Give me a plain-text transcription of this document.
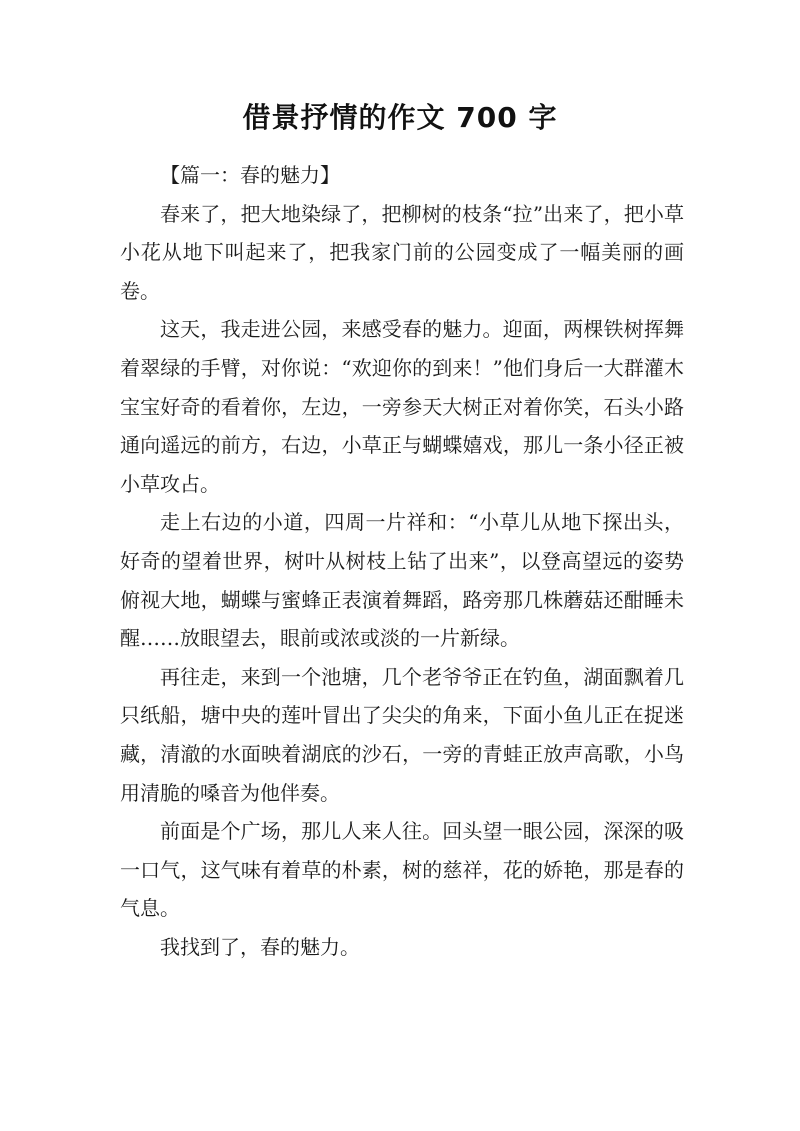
借景抒情的作文 700 字

【篇一：春的魅力】

春来了，把大地染绿了，把柳树的枝条“拉”出来了，把小草小花从地下叫起来了，把我家门前的公园变成了一幅美丽的画卷。

这天，我走进公园，来感受春的魅力。迎面，两棵铁树挥舞着翠绿的手臂，对你说：“欢迎你的到来！”他们身后一大群灌木宝宝好奇的看着你，左边，一旁参天大树正对着你笑，石头小路通向遥远的前方，右边，小草正与蝴蝶嬉戏，那儿一条小径正被小草攻占。

走上右边的小道，四周一片祥和：“小草儿从地下探出头，好奇的望着世界，树叶从树枝上钻了出来”，以登高望远的姿势俯视大地，蝴蝶与蜜蜂正表演着舞蹈，路旁那几株蘑菇还酣睡未醒……放眼望去，眼前或浓或淡的一片新绿。

再往走，来到一个池塘，几个老爷爷正在钓鱼，湖面飘着几只纸船，塘中央的莲叶冒出了尖尖的角来，下面小鱼儿正在捉迷藏，清澈的水面映着湖底的沙石，一旁的青蛙正放声高歌，小鸟用清脆的嗓音为他伴奏。

前面是个广场，那儿人来人往。回头望一眼公园，深深的吸一口气，这气味有着草的朴素，树的慈祥，花的娇艳，那是春的气息。

我找到了，春的魅力。
